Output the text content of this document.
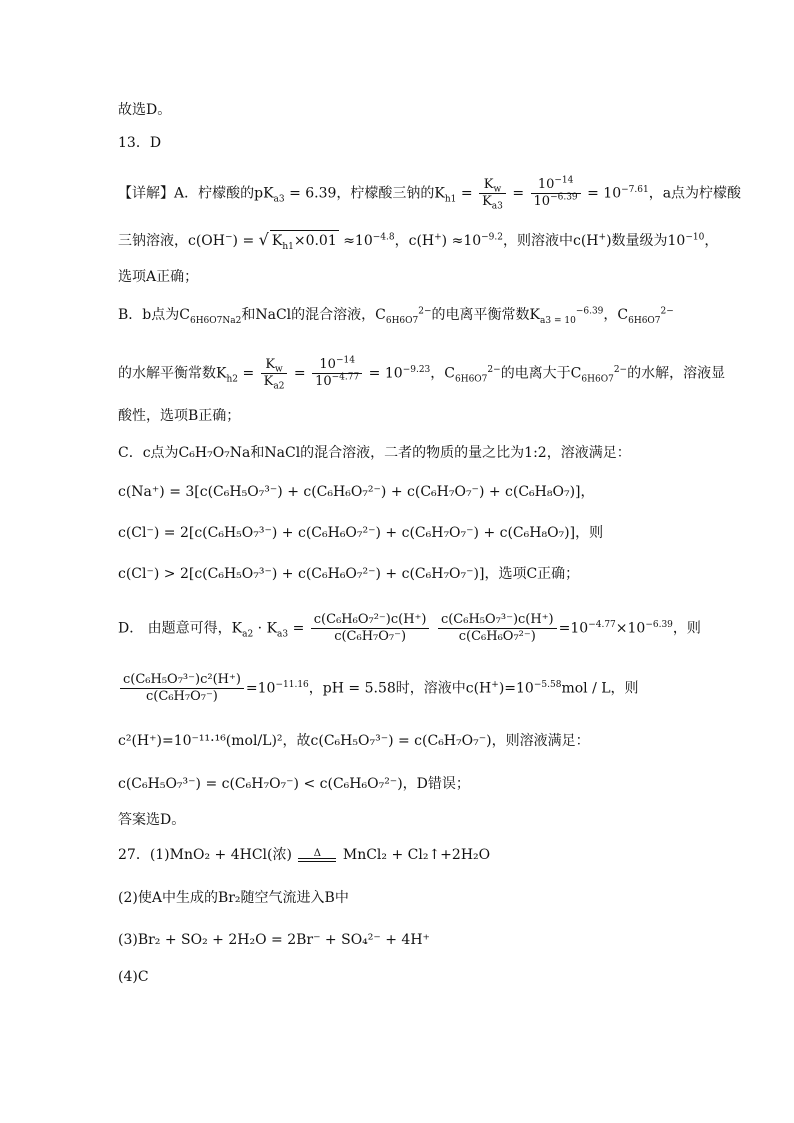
故选D。
13．D
【详解】A．柠檬酸的$pK_{a3} = 6.39$，柠檬酸三钠的$K_{h1} = \frac{K_w}{K_{a3}} = \frac{10^{-14}}{10^{-6.39}} = 10^{-7.61}$，a点为柠檬酸
三钠溶液，c(OH−) = √ $K_{h1}\times 0.01 \approx 10^{-4.8}$，$c(H^+) \approx 10^{-9.2}$，则溶液中c(H+)数量级为$10^{-10}$，
选项A正确；
B．b点为$C_{6H6O7Na2}$和NaCl的混合溶液，$C_{6H6O7}^{2-}$的电离平衡常数$K_{a3 = 10}^{-6.39}$，$C_{6H6O7}^{2-}$
的水解平衡常数$K_{h2} = \frac{K_w}{K_{a2}} = \frac{10^{-14}}{10^{-4.77}} = 10^{-9.23}$，$C_{6H6O7}^{2-}$的电离大于$C_{6H6O7}^{2-}$的水解，溶液显
酸性，选项B正确；
C．c点为C₆H₇O₇Na和NaCl的混合溶液，二者的物质的量之比为1:2，溶液满足：
c(Na⁺) = 3[c(C₆H₅O₇³⁻) + c(C₆H₆O₇²⁻) + c(C₆H₇O₇⁻) + c(C₆H₈O₇)]，
c(Cl⁻) = 2[c(C₆H₅O₇³⁻) + c(C₆H₆O₇²⁻) + c(C₆H₇O₇⁻) + c(C₆H₈O₇)]，则
c(Cl⁻) > 2[c(C₆H₅O₇³⁻) + c(C₆H₆O₇²⁻) + c(C₆H₇O₇⁻)]，选项C正确；
D． 由题意可得，$K_{a2} \cdot K_{a3} = \frac{\text{c(C₆H₆O₇²⁻)c(H⁺)}}{\text{c(C₆H₇O₇⁻)}}$
$\frac{\text{c(C₆H₅O₇³⁻)c(H⁺)}}{\text{c(C₆H₆O₇²⁻)}} =10^{-4.77}\times 10^{-6.39}$，则
$\frac{\text{c(C₆H₅O₇³⁻)c²(H⁺)}}{\text{c(C₆H₇O₇⁻)}} =10^{-11.16}$，pH = 5.58时，溶液中$c(H^+)=10^{-5.58}mol / L$，则
c²(H⁺)=10⁻¹¹·¹⁶(mol/L)²，故c(C₆H₅O₇³⁻) = c(C₆H₇O₇⁻)，则溶液满足：
c(C₆H₅O₇³⁻) = c(C₆H₇O₇⁻) < c(C₆H₆O₇²⁻)，D错误；
答案选D。
27．(1)MnO₂ + 4HCl(浓) Δ MnCl₂ + Cl₂↑+2H₂O
(2)使A中生成的Br₂随空气流进入B中
(3)Br₂ + SO₂ + 2H₂O = 2Br⁻ + SO₄²⁻ + 4H⁺
(4)C
